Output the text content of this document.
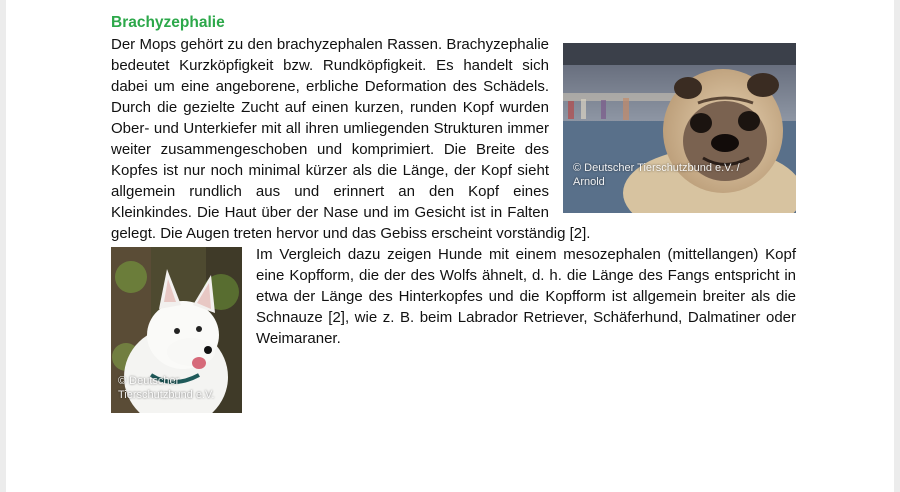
Brachyzephalie
© Deutscher Tierschutzbund e.V. /
Arnold

Der Mops gehört zu den brachyzephalen Rassen. Brachyzephalie bedeutet Kurzköpfigkeit bzw. Rundköpfigkeit. Es handelt sich dabei um eine angeborene, erbliche Deformation des Schädels. Durch die gezielte Zucht auf einen kurzen, runden Kopf wurden Ober- und Unterkiefer mit all ihren umliegenden Strukturen immer weiter zusammengeschoben und komprimiert. Die Breite des Kopfes ist nur noch minimal kürzer als die Länge, der Kopf sieht allgemein rundlich aus und erinnert an den Kopf eines Kleinkindes. Die Haut über der Nase und im Gesicht ist in Falten gelegt. Die Augen treten hervor und das Gebiss erscheint vorständig [2].

© Deutscher
Tierschutzbund e.V.

Im Vergleich dazu zeigen Hunde mit einem mesozephalen (mittellangen) Kopf eine Kopfform, die der des Wolfs ähnelt, d. h. die Länge des Fangs entspricht in etwa der Länge des Hinterkopfes und die Kopfform ist allgemein breiter als die Schnauze [2], wie z. B. beim Labrador Retriever, Schäferhund, Dalmatiner oder Weimaraner.
